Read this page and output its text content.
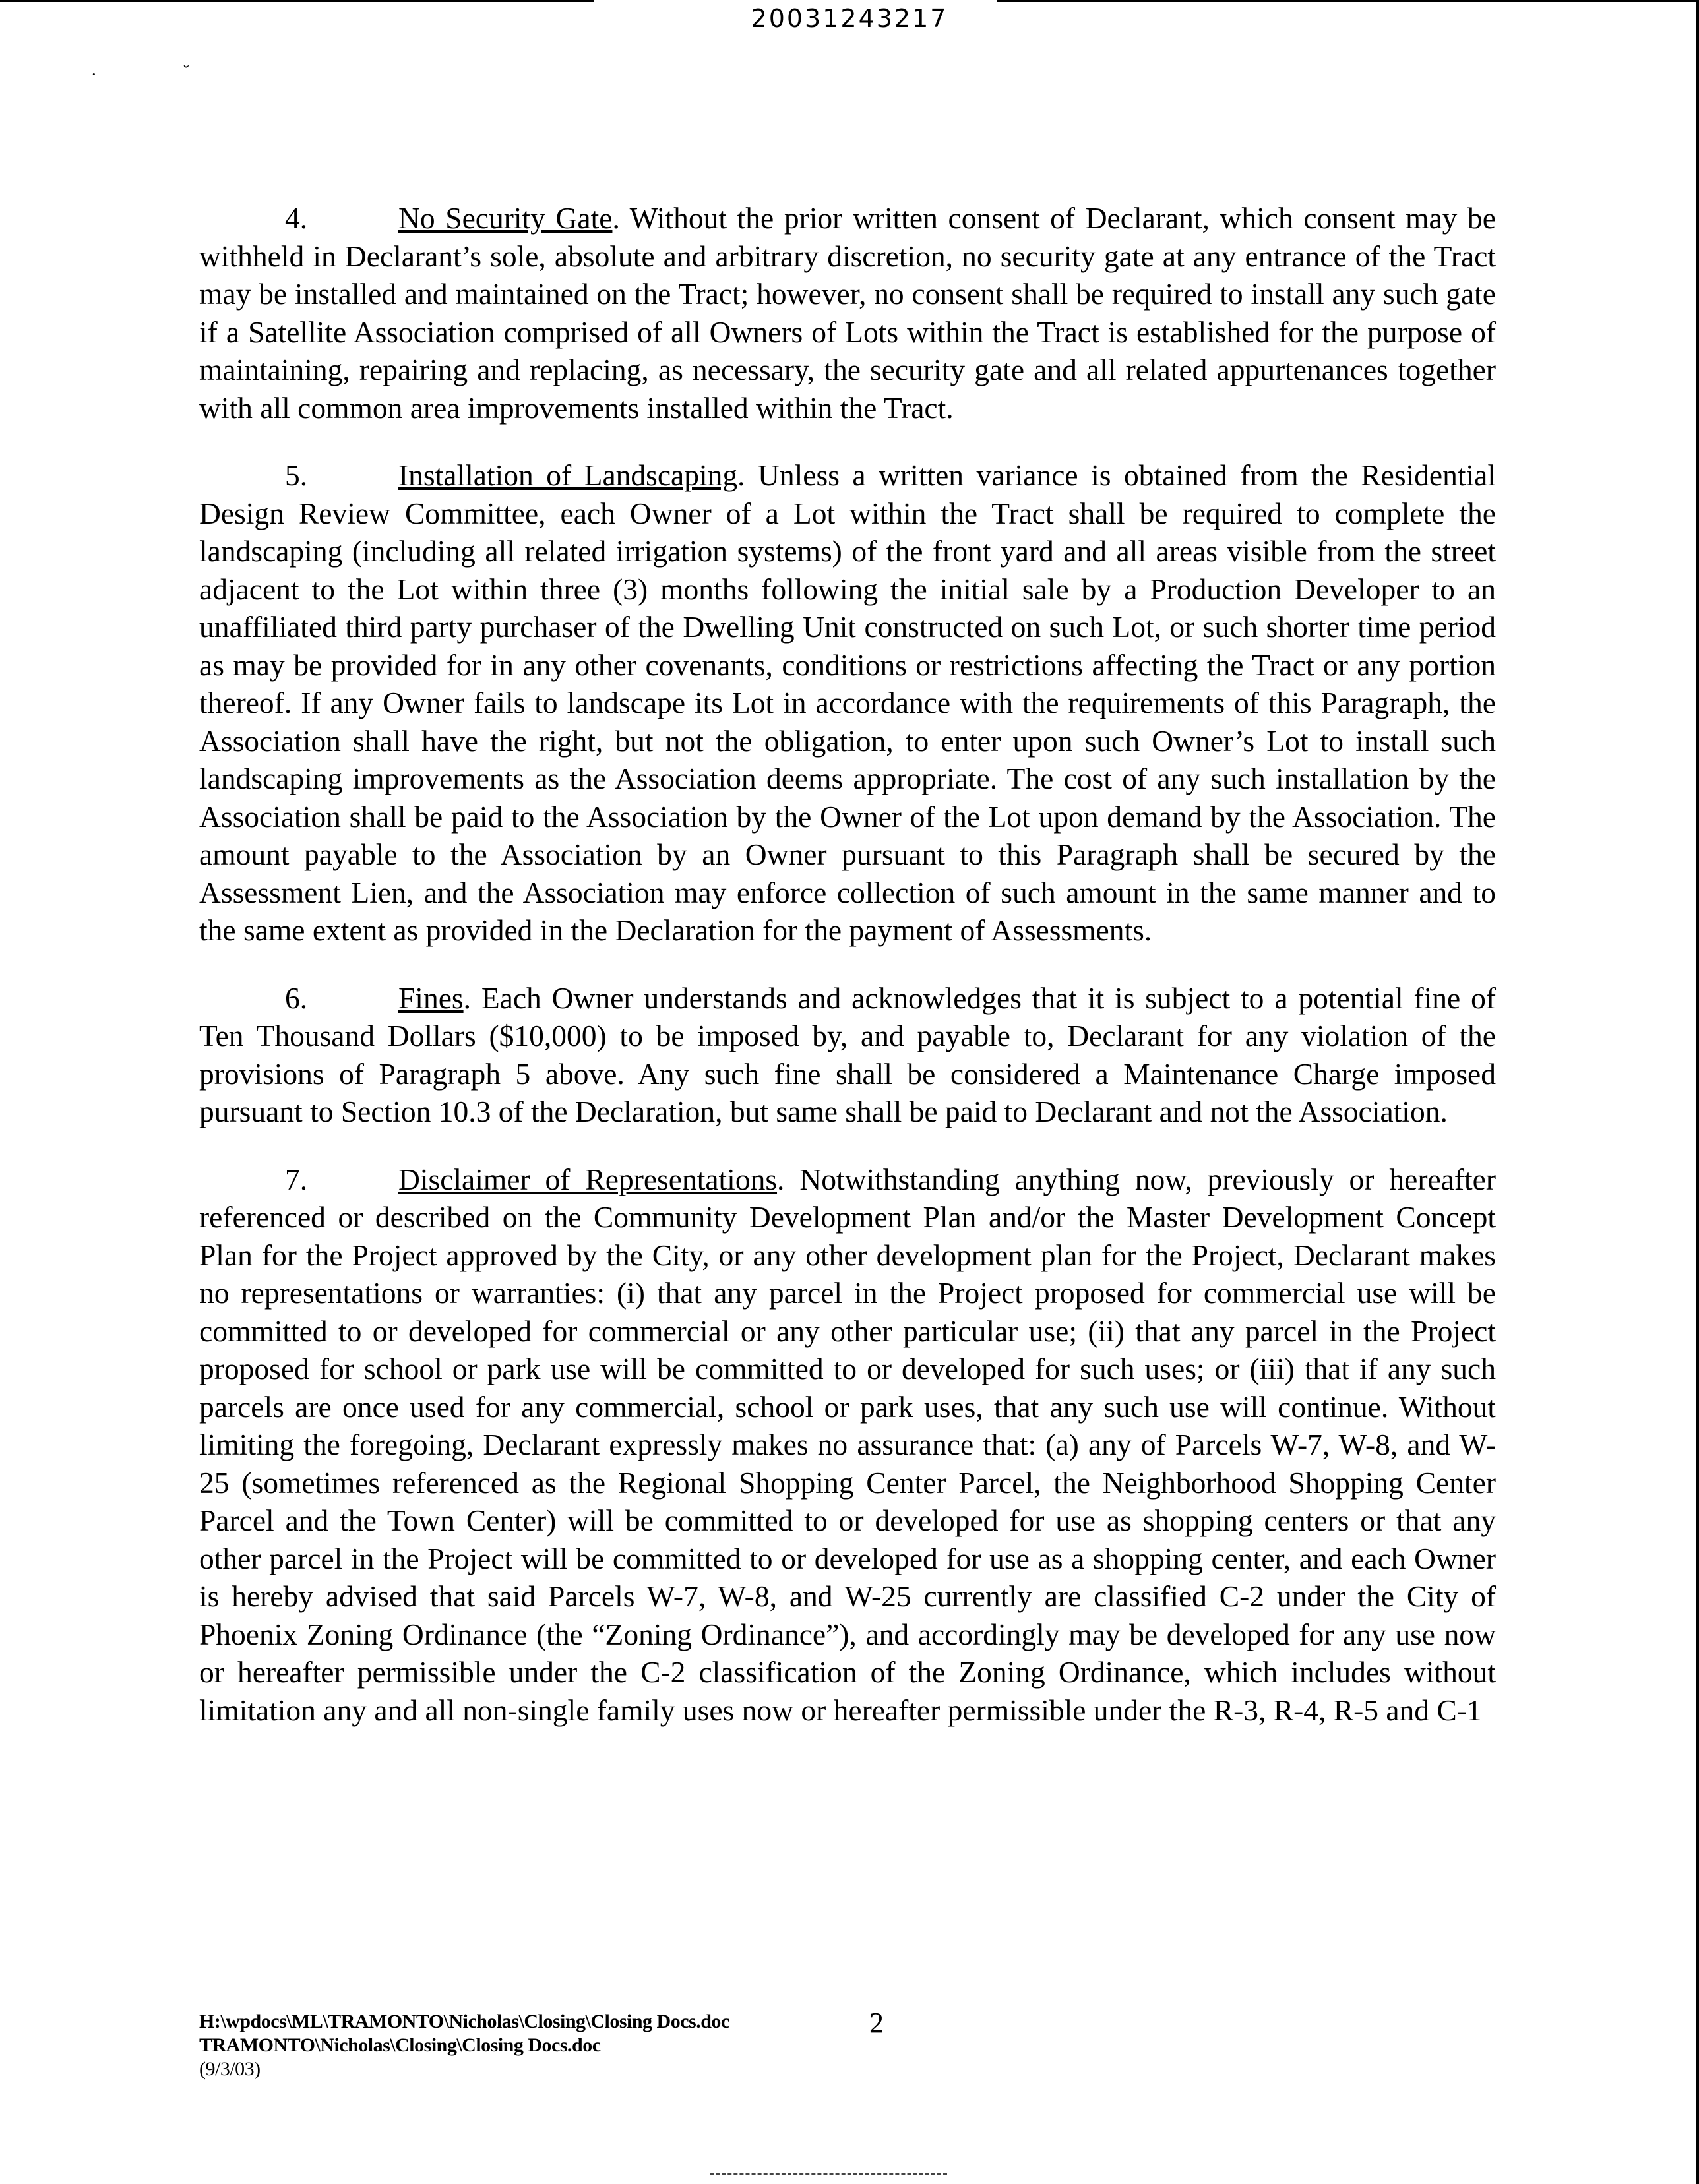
·	˘
20031243217

4.	No Security Gate. Without the prior written consent of Declarant, which consent may be withheld in Declarant’s sole, absolute and arbitrary discretion, no security gate at any entrance of the Tract may be installed and maintained on the Tract; however, no consent shall be required to install any such gate if a Satellite Association comprised of all Owners of Lots within the Tract is established for the purpose of maintaining, repairing and replacing, as necessary, the security gate and all related appurtenances together with all common area improvements installed within the Tract.

5.	Installation of Landscaping. Unless a written variance is obtained from the Residential Design Review Committee, each Owner of a Lot within the Tract shall be required to complete the landscaping (including all related irrigation systems) of the front yard and all areas visible from the street adjacent to the Lot within three (3) months following the initial sale by a Production Developer to an unaffiliated third party purchaser of the Dwelling Unit constructed on such Lot, or such shorter time period as may be provided for in any other covenants, conditions or restrictions affecting the Tract or any portion thereof. If any Owner fails to landscape its Lot in accordance with the requirements of this Paragraph, the Association shall have the right, but not the obligation, to enter upon such Owner’s Lot to install such landscaping improvements as the Association deems appropriate. The cost of any such installation by the Association shall be paid to the Association by the Owner of the Lot upon demand by the Association. The amount payable to the Association by an Owner pursuant to this Paragraph shall be secured by the Assessment Lien, and the Association may enforce collection of such amount in the same manner and to the same extent as provided in the Declaration for the payment of Assessments.

6.	Fines. Each Owner understands and acknowledges that it is subject to a potential fine of Ten Thousand Dollars ($10,000) to be imposed by, and payable to, Declarant for any violation of the provisions of Paragraph 5 above. Any such fine shall be considered a Maintenance Charge imposed pursuant to Section 10.3 of the Declaration, but same shall be paid to Declarant and not the Association.

7.	Disclaimer of Representations. Notwithstanding anything now, previously or hereafter referenced or described on the Community Development Plan and/or the Master Development Concept Plan for the Project approved by the City, or any other development plan for the Project, Declarant makes no representations or warranties: (i) that any parcel in the Project proposed for commercial use will be committed to or developed for commercial or any other particular use; (ii) that any parcel in the Project proposed for school or park use will be committed to or developed for such uses; or (iii) that if any such parcels are once used for any commercial, school or park uses, that any such use will continue. Without limiting the foregoing, Declarant expressly makes no assurance that: (a) any of Parcels W-7, W-8, and W-25 (sometimes referenced as the Regional Shopping Center Parcel, the Neighborhood Shopping Center Parcel and the Town Center) will be committed to or developed for use as shopping centers or that any other parcel in the Project will be committed to or developed for use as a shopping center, and each Owner is hereby advised that said Parcels W-7, W-8, and W-25 currently are classified C-2 under the City of Phoenix Zoning Ordinance (the “Zoning Ordinance”), and accordingly may be developed for any use now or hereafter permissible under the C-2 classification of the Zoning Ordinance, which includes without limitation any and all non-single family uses now or hereafter permissible under the R-3, R-4, R-5 and C-1

H:\wpdocs\ML\TRAMONTO\Nicholas\Closing\Closing Docs.doc
TRAMONTO\Nicholas\Closing\Closing Docs.doc
(9/3/03)
2
